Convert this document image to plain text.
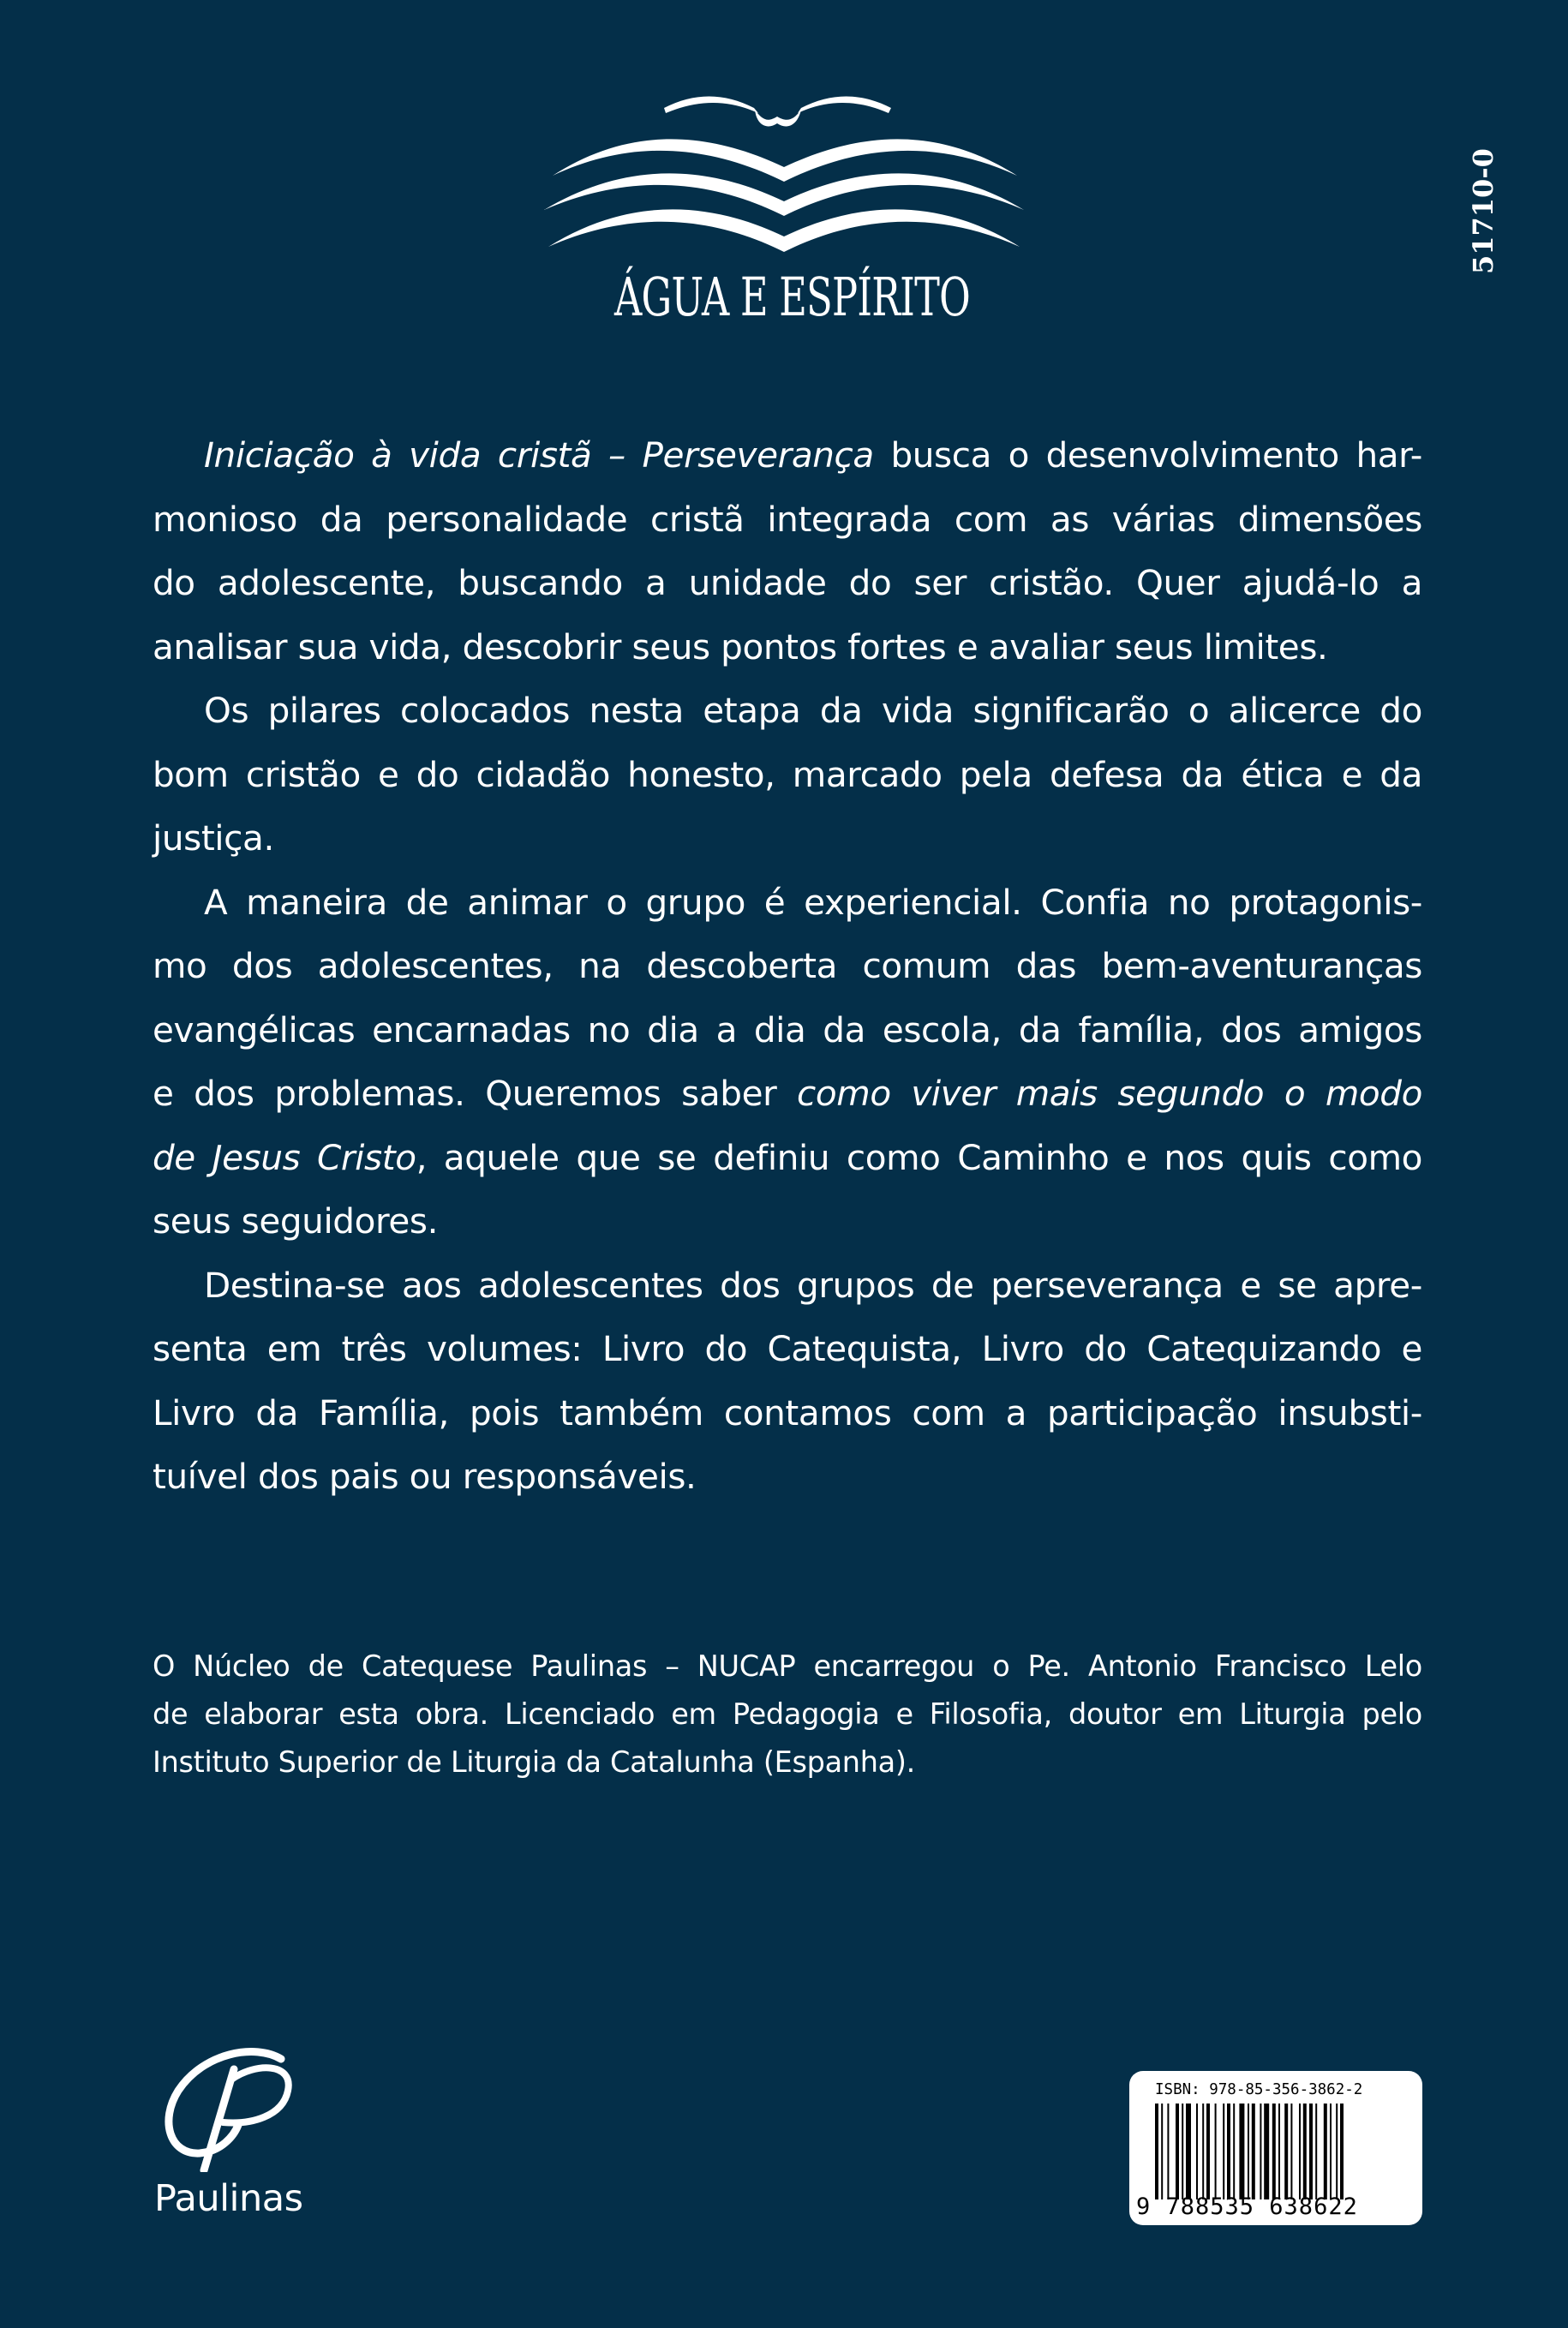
ÁGUA E ESPÍRITO
51710-0
Iniciação à vida cristã – Perseverança busca o desenvolvimento har-
monioso da personalidade cristã integrada com as várias dimensões
do adolescente, buscando a unidade do ser cristão. Quer ajudá-lo a
analisar sua vida, descobrir seus pontos fortes e avaliar seus limites.
Os pilares colocados nesta etapa da vida significarão o alicerce do
bom cristão e do cidadão honesto, marcado pela defesa da ética e da
justiça.
A maneira de animar o grupo é experiencial. Confia no protagonis-
mo dos adolescentes, na descoberta comum das bem-aventuranças
evangélicas encarnadas no dia a dia da escola, da família, dos amigos
e dos problemas. Queremos saber como viver mais segundo o modo
de Jesus Cristo, aquele que se definiu como Caminho e nos quis como
seus seguidores.
Destina-se aos adolescentes dos grupos de perseverança e se apre-
senta em três volumes: Livro do Catequista, Livro do Catequizando e
Livro da Família, pois também contamos com a participação insubsti-
tuível dos pais ou responsáveis.
O Núcleo de Catequese Paulinas – NUCAP encarregou o Pe. Antonio Francisco Lelo
de elaborar esta obra. Licenciado em Pedagogia e Filosofia, doutor em Liturgia pelo
Instituto Superior de Liturgia da Catalunha (Espanha).
Paulinas
ISBN: 978-85-356-3862-2
9 788535 638622
